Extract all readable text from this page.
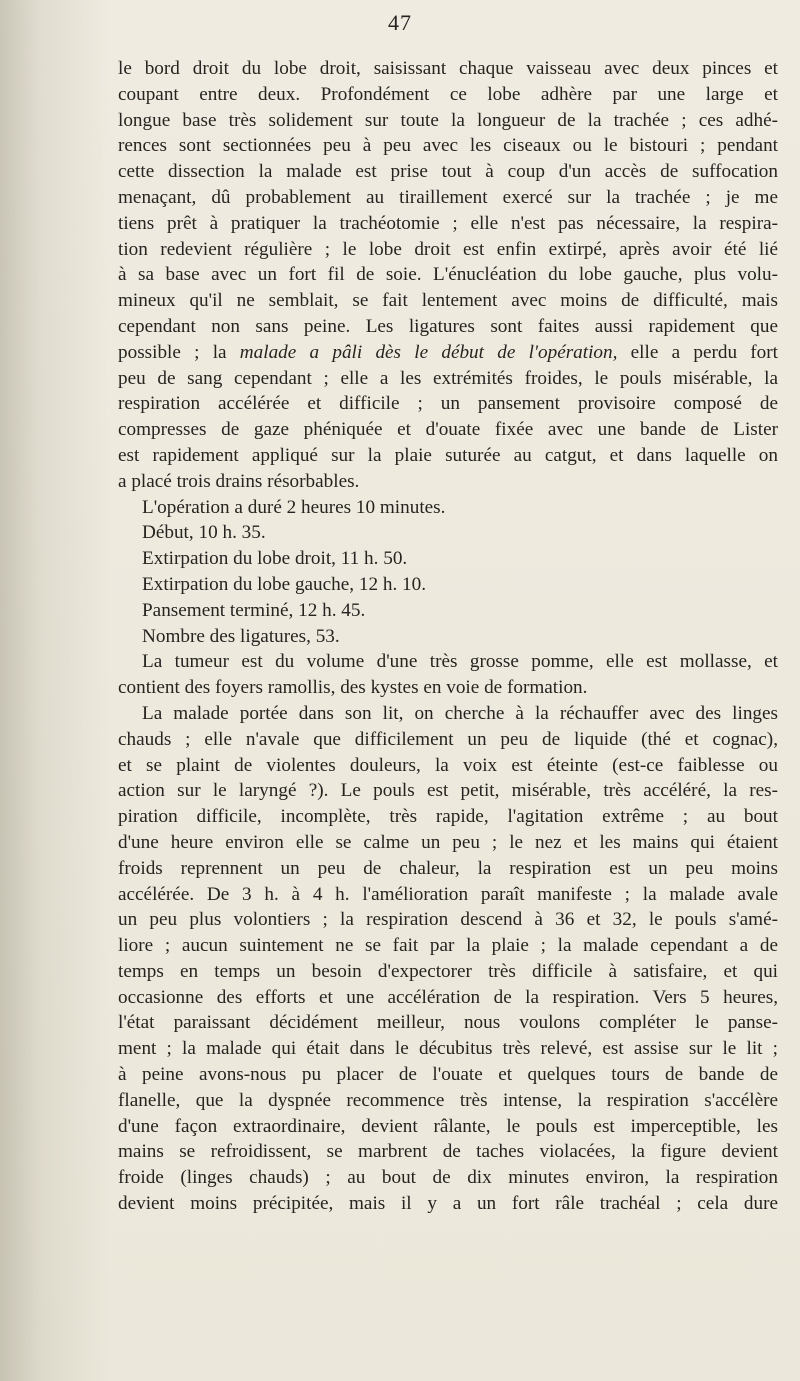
47
le bord droit du lobe droit, saisissant chaque vaisseau avec deux pinces et
coupant entre deux. Profondément ce lobe adhère par une large et
longue base très solidement sur toute la longueur de la trachée ; ces adhé-
rences sont sectionnées peu à peu avec les ciseaux ou le bistouri ; pendant
cette dissection la malade est prise tout à coup d'un accès de suffocation
menaçant, dû probablement au tiraillement exercé sur la trachée ; je me
tiens prêt à pratiquer la trachéotomie ; elle n'est pas nécessaire, la respira-
tion redevient régulière ; le lobe droit est enfin extirpé, après avoir été lié
à sa base avec un fort fil de soie. L'énucléation du lobe gauche, plus volu-
mineux qu'il ne semblait, se fait lentement avec moins de difficulté, mais
cependant non sans peine. Les ligatures sont faites aussi rapidement que
possible ; la malade a pâli dès le début de l'opération, elle a perdu fort
peu de sang cependant ; elle a les extrémités froides, le pouls misérable, la
respiration accélérée et difficile ; un pansement provisoire composé de
compresses de gaze phéniquée et d'ouate fixée avec une bande de Lister
est rapidement appliqué sur la plaie suturée au catgut, et dans laquelle on
a placé trois drains résorbables.
L'opération a duré 2 heures 10 minutes.
Début, 10 h. 35.
Extirpation du lobe droit, 11 h. 50.
Extirpation du lobe gauche, 12 h. 10.
Pansement terminé, 12 h. 45.
Nombre des ligatures, 53.
La tumeur est du volume d'une très grosse pomme, elle est mollasse, et
contient des foyers ramollis, des kystes en voie de formation.
La malade portée dans son lit, on cherche à la réchauffer avec des linges
chauds ; elle n'avale que difficilement un peu de liquide (thé et cognac),
et se plaint de violentes douleurs, la voix est éteinte (est-ce faiblesse ou
action sur le laryngé ?). Le pouls est petit, misérable, très accéléré, la res-
piration difficile, incomplète, très rapide, l'agitation extrême ; au bout
d'une heure environ elle se calme un peu ; le nez et les mains qui étaient
froids reprennent un peu de chaleur, la respiration est un peu moins
accélérée. De 3 h. à 4 h. l'amélioration paraît manifeste ; la malade avale
un peu plus volontiers ; la respiration descend à 36 et 32, le pouls s'amé-
liore ; aucun suintement ne se fait par la plaie ; la malade cependant a de
temps en temps un besoin d'expectorer très difficile à satisfaire, et qui
occasionne des efforts et une accélération de la respiration. Vers 5 heures,
l'état paraissant décidément meilleur, nous voulons compléter le panse-
ment ; la malade qui était dans le décubitus très relevé, est assise sur le lit ;
à peine avons-nous pu placer de l'ouate et quelques tours de bande de
flanelle, que la dyspnée recommence très intense, la respiration s'accélère
d'une façon extraordinaire, devient râlante, le pouls est imperceptible, les
mains se refroidissent, se marbrent de taches violacées, la figure devient
froide (linges chauds) ; au bout de dix minutes environ, la respiration
devient moins précipitée, mais il y a un fort râle trachéal ; cela dure
